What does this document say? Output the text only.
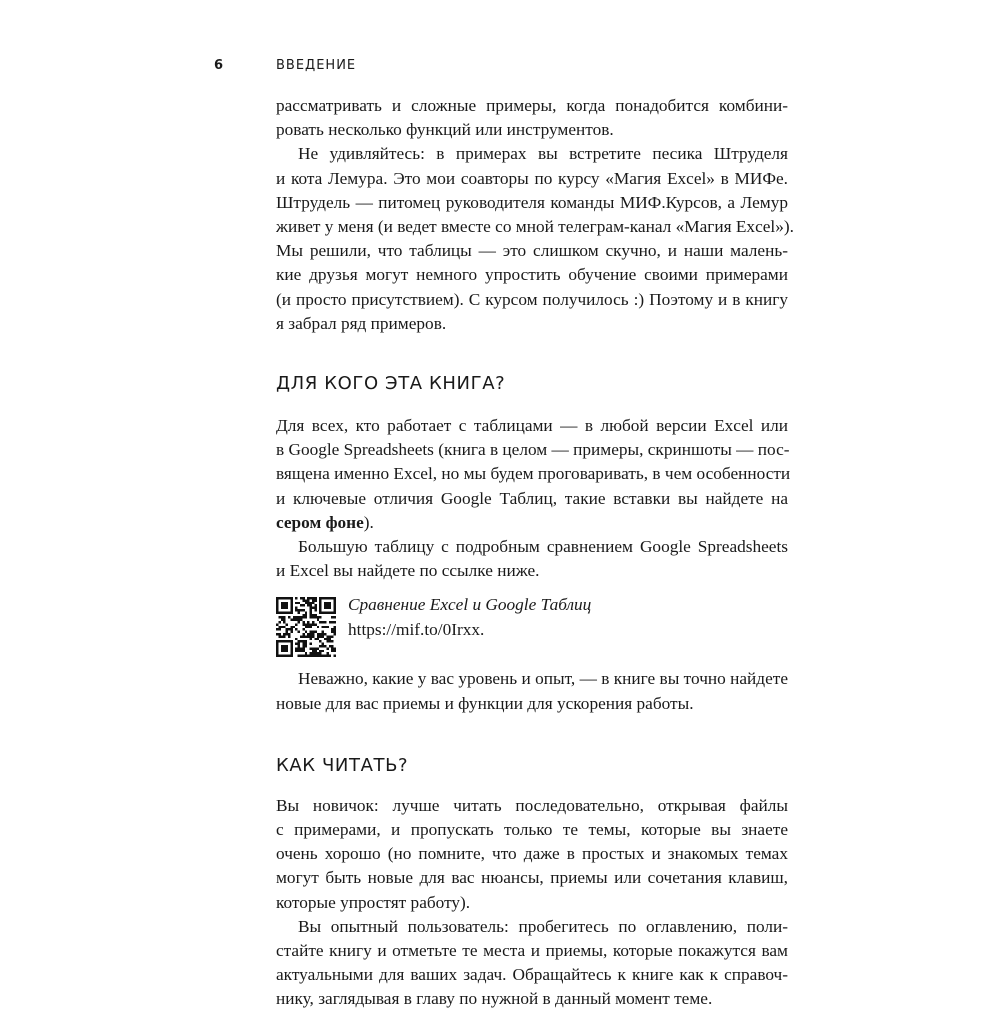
6	ВВЕДЕНИЕ
рассматривать и сложные примеры, когда понадобится комбини-
ровать несколько функций или инструментов.
Не удивляйтесь: в примерах вы встретите песика Штруделя
и кота Лемура. Это мои соавторы по курсу «Магия Excel» в МИФе.
Штрудель — питомец руководителя команды МИФ.Курсов, а Лемур
живет у меня (и ведет вместе со мной телеграм-канал «Магия Excel»).
Мы решили, что таблицы — это слишком скучно, и наши малень-
кие друзья могут немного упростить обучение своими примерами
(и просто присутствием). С курсом получилось :) Поэтому и в книгу
я забрал ряд примеров.
ДЛЯ КОГО ЭТА КНИГА?
Для всех, кто работает с таблицами — в любой версии Excel или
в Google Spreadsheets (книга в целом — примеры, скриншоты — пос-
вящена именно Excel, но мы будем проговаривать, в чем особенности
и ключевые отличия Google Таблиц, такие вставки вы найдете на
сером фоне).
Большую таблицу с подробным сравнением Google Spreadsheets
и Excel вы найдете по ссылке ниже.
Сравнение Excel и Google Таблиц
https://mif.to/0Irxx.
Неважно, какие у вас уровень и опыт, — в книге вы точно найдете
новые для вас приемы и функции для ускорения работы.
КАК ЧИТАТЬ?
Вы новичок: лучше читать последовательно, открывая файлы
с примерами, и пропускать только те темы, которые вы знаете
очень хорошо (но помните, что даже в простых и знакомых темах
могут быть новые для вас нюансы, приемы или сочетания клавиш,
которые упростят работу).
Вы опытный пользователь: пробегитесь по оглавлению, поли-
стайте книгу и отметьте те места и приемы, которые покажутся вам
актуальными для ваших задач. Обращайтесь к книге как к справоч-
нику, заглядывая в главу по нужной в данный момент теме.
